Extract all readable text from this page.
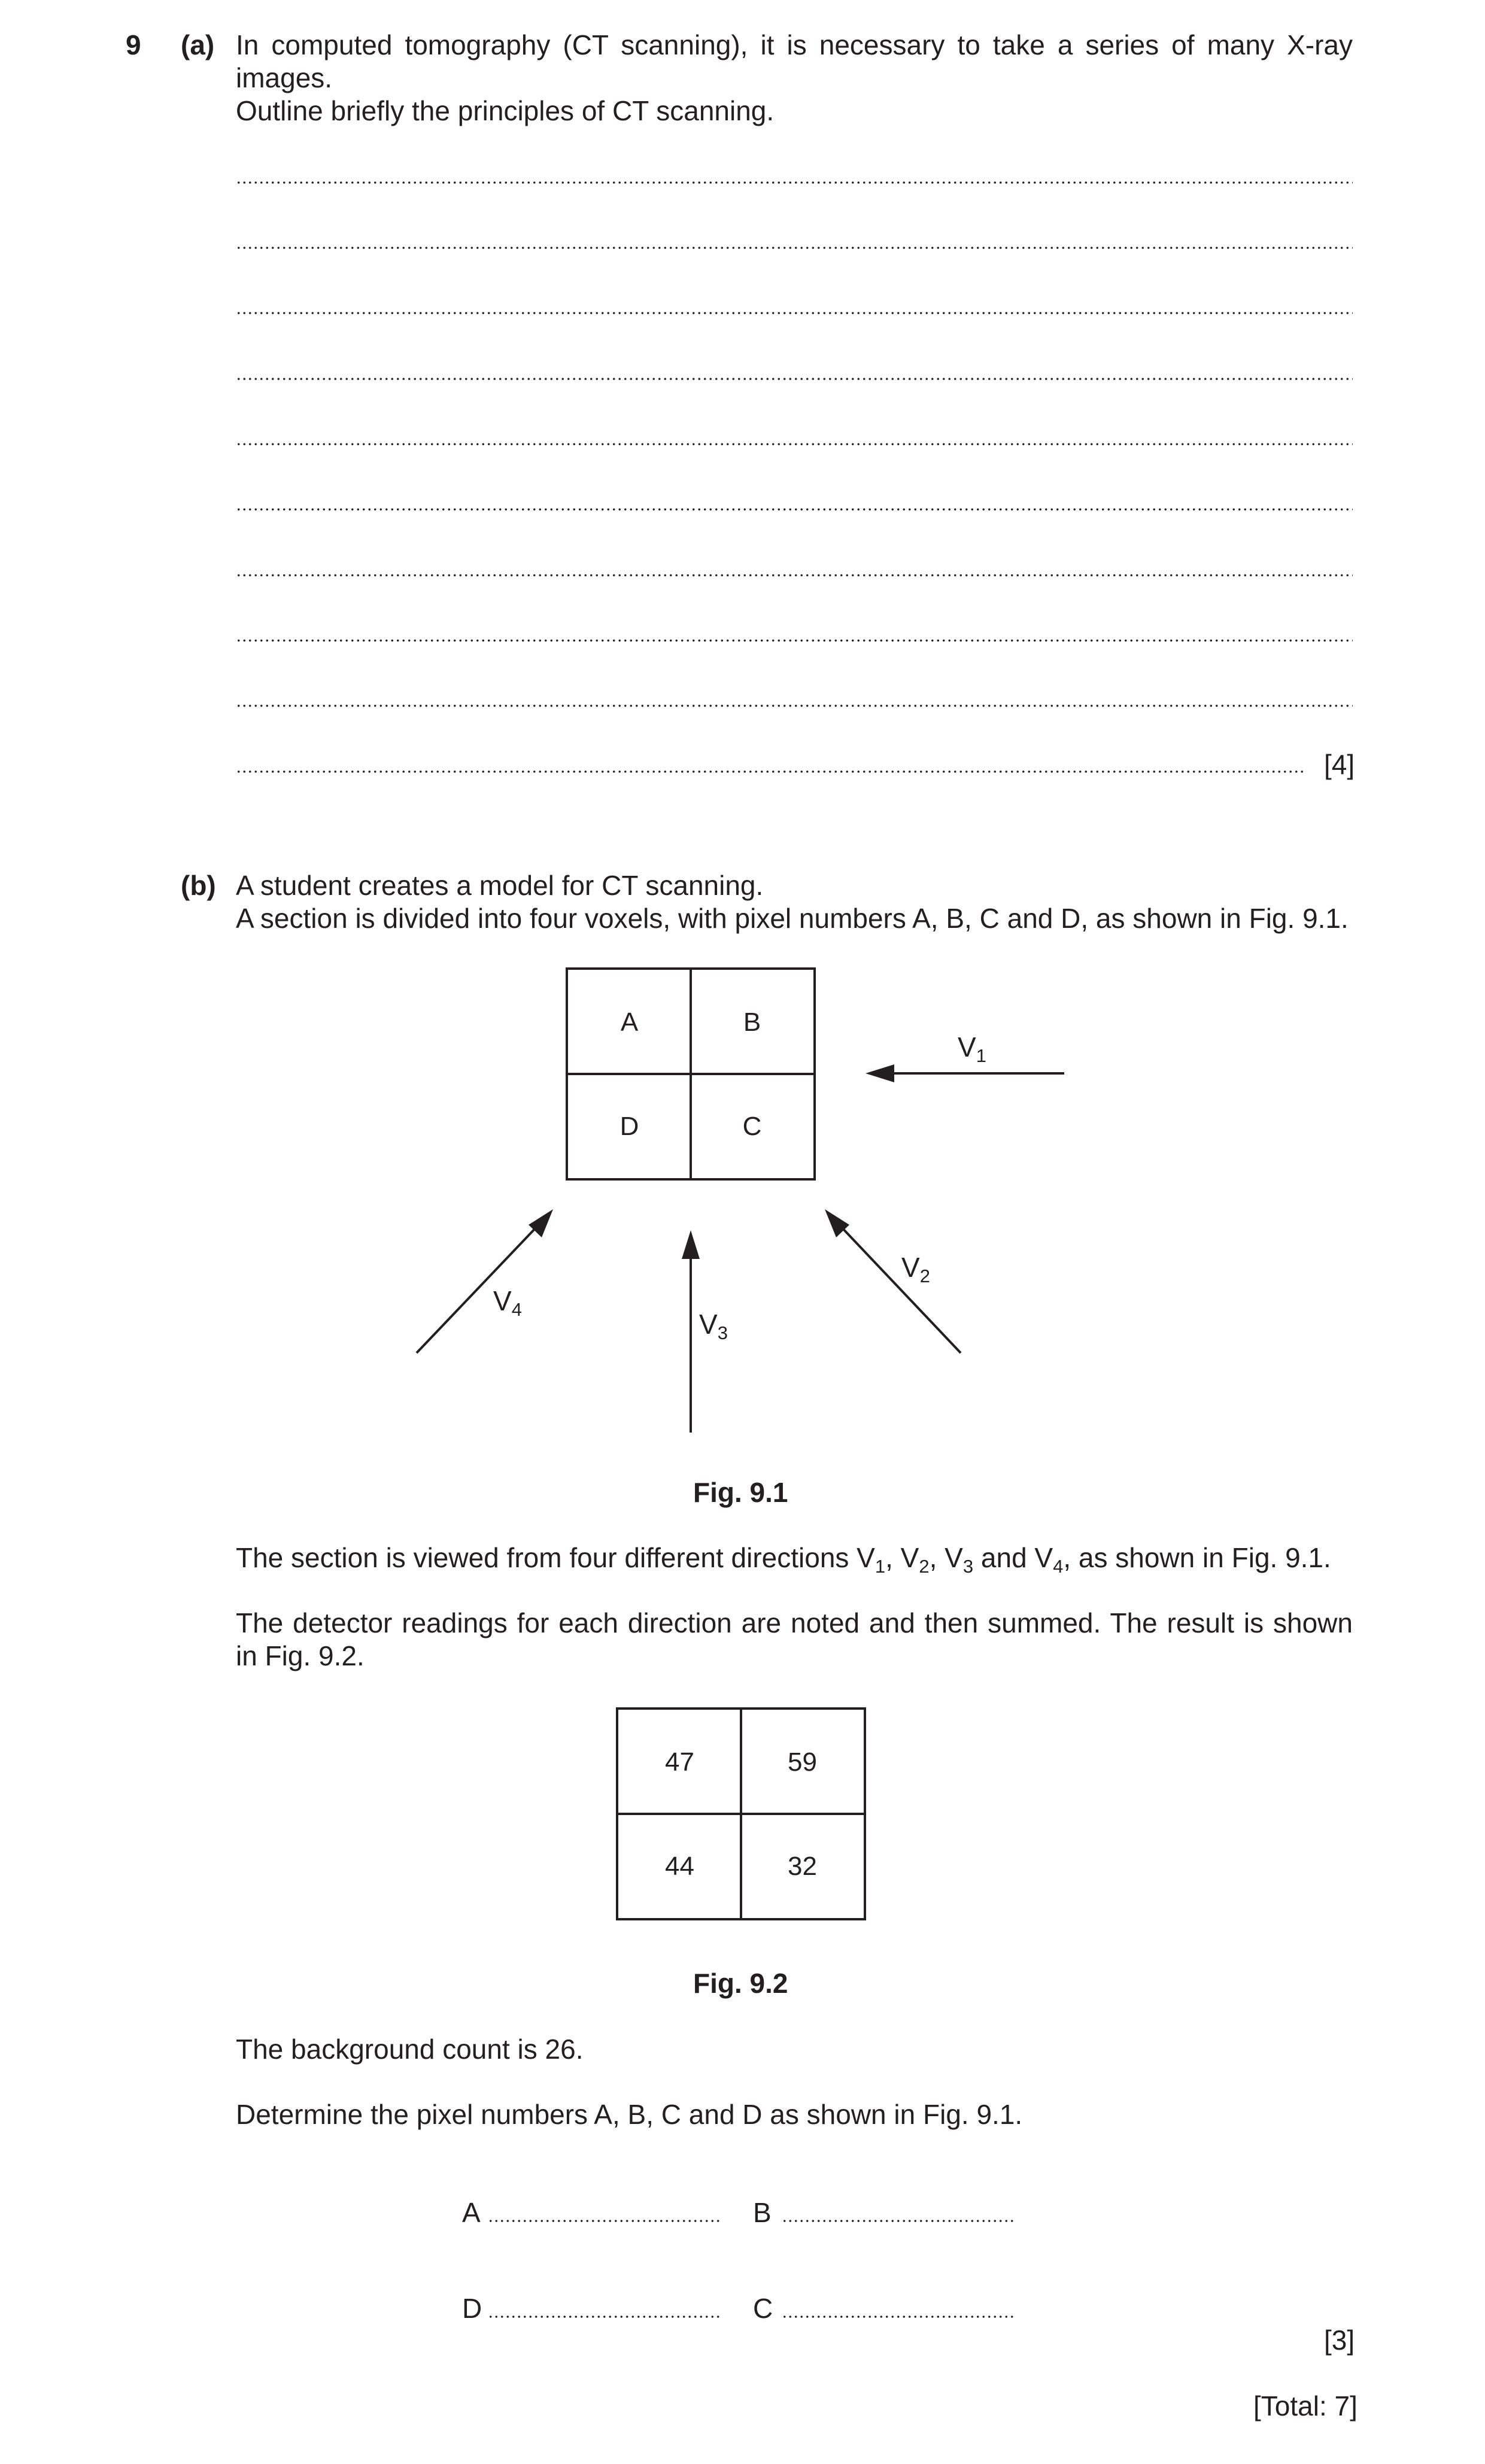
9 (a) In computed tomography (CT scanning), it is necessary to take a series of many X-ray images.
Outline briefly the principles of CT scanning.
[4]
(b) A student creates a model for CT scanning.
A section is divided into four voxels, with pixel numbers A, B, C and D, as shown in Fig. 9.1.
A	B
D	C
$V_1$
$V_2$
$V_3$
$V_4$
Fig. 9.1
The section is viewed from four different directions $V_1$, $V_2$, $V_3$ and $V_4$, as shown in Fig. 9.1.
The detector readings for each direction are noted and then summed. The result is shown in Fig. 9.2.
47	59
44	32
Fig. 9.2
The background count is 26.
Determine the pixel numbers A, B, C and D as shown in Fig. 9.1.
A	B
D	C
[3]
[Total: 7]
